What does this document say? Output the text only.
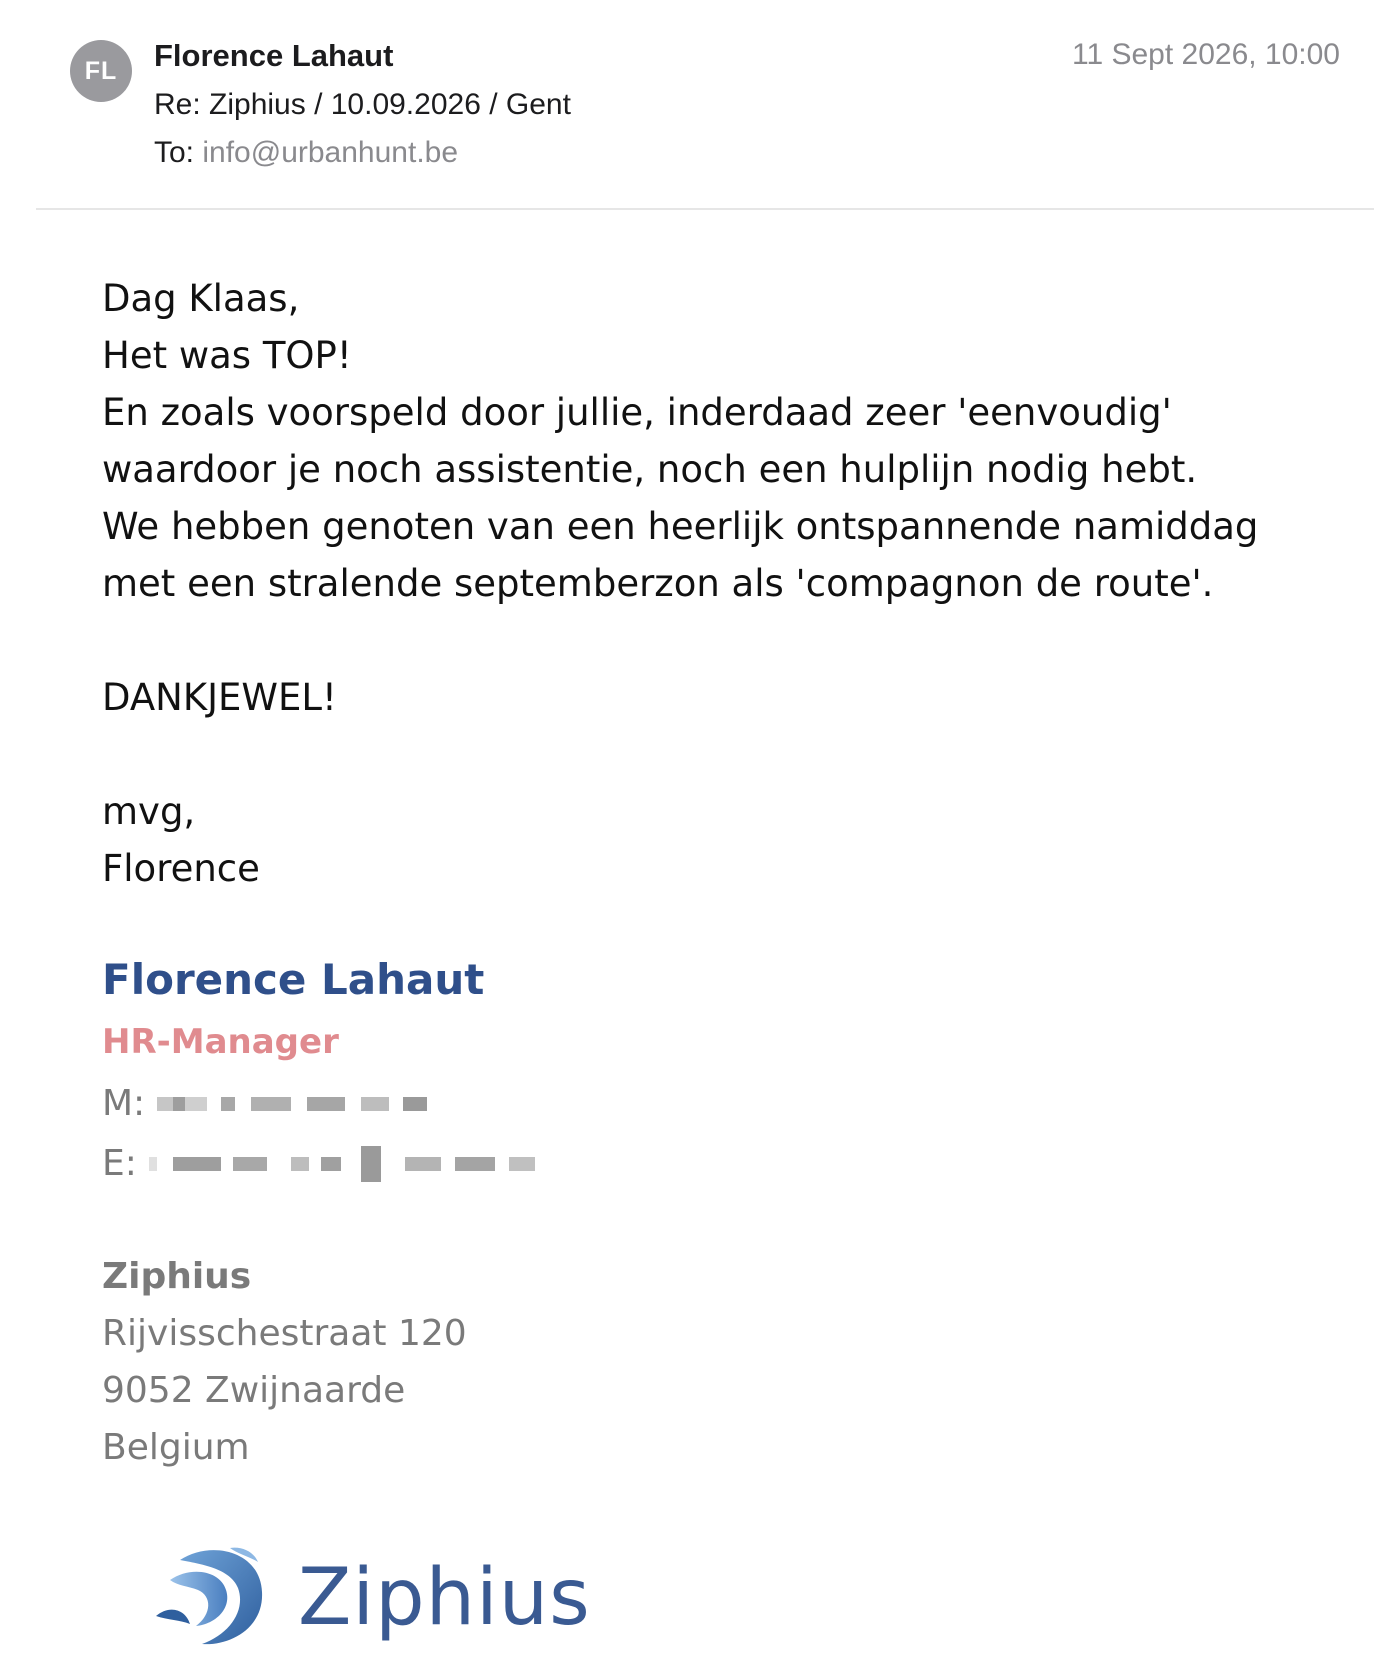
FL	Florence Lahaut
Re: Ziphius / 10.09.2026 / Gent
To: info@urbanhunt.be
11 Sept 2026, 10:00

Dag Klaas,

Het was TOP!

En zoals voorspeld door jullie, inderdaad zeer 'eenvoudig'

waardoor je noch assistentie, noch een hulplijn nodig hebt.

We hebben genoten van een heerlijk ontspannende namiddag

met een stralende septemberzon als 'compagnon de route'.

DANKJEWEL!

mvg,

Florence

Florence Lahaut
HR-Manager
M:
E:
Ziphius
Rijvisschestraat 120
9052 Zwijnaarde
Belgium
Ziphius
